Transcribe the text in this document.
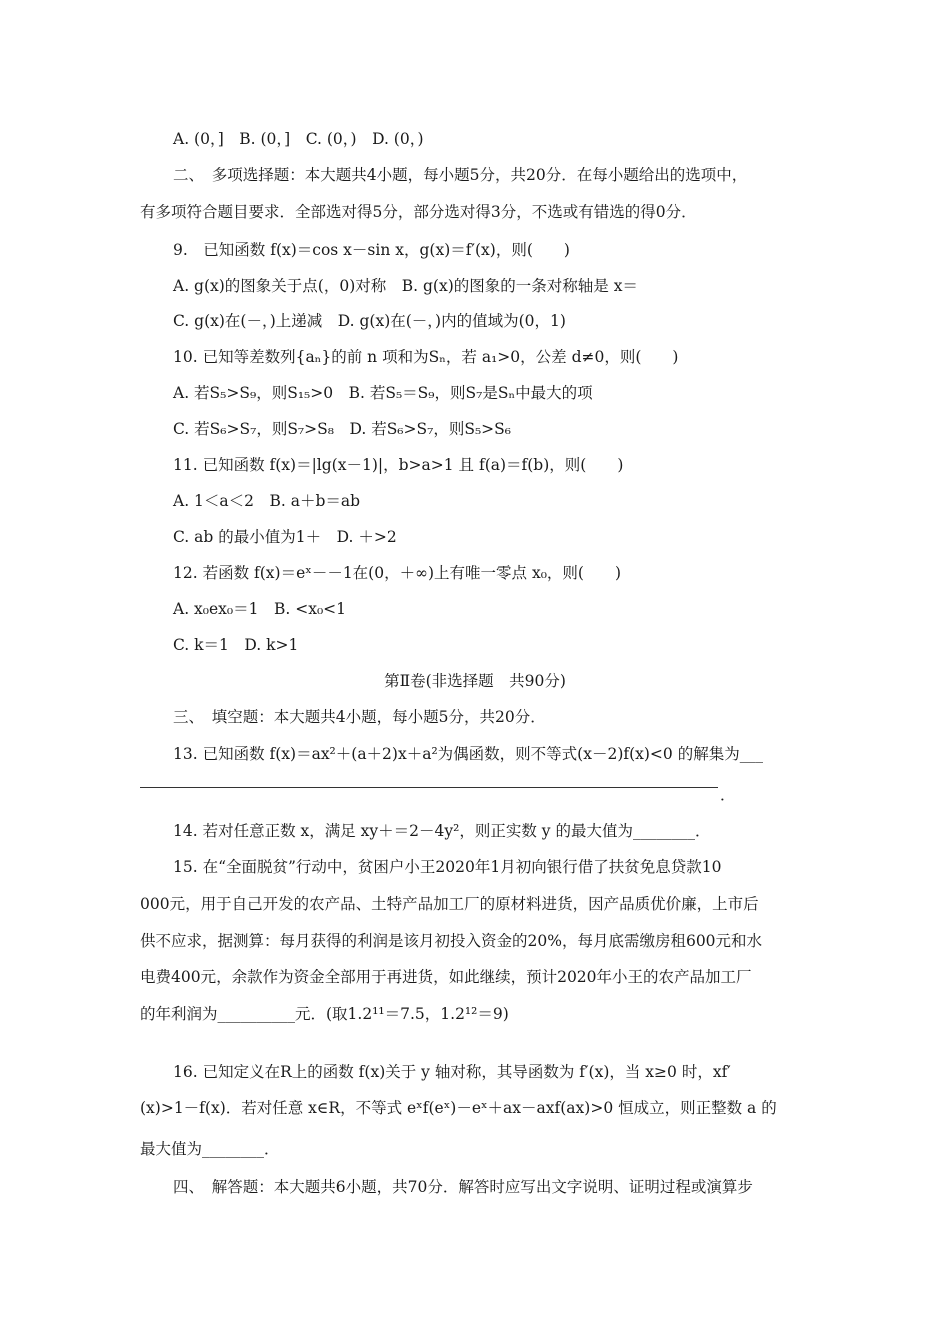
A. (0，]　B. (0，]　C. (0，)　D. (0，)
二、　多项选择题：本大题共4小题，每小题5分，共20分．在每小题给出的选项中，
有多项符合题目要求．全部选对得5分，部分选对得3分，不选或有错选的得0分．
9.　已知函数 f(x)＝cos x－sin x，g(x)＝f′(x)，则(　　)
A. g(x)的图象关于点(，0)对称　B. g(x)的图象的一条对称轴是 x＝
C. g(x)在(－，)上递减　D. g(x)在(－，)内的值域为(0，1)
10. 已知等差数列{aₙ}的前 n 项和为Sₙ，若 a₁>0，公差 d≠0，则(　　)
A. 若S₅>S₉，则S₁₅>0　B. 若S₅＝S₉，则S₇是Sₙ中最大的项
C. 若S₆>S₇，则S₇>S₈　D. 若S₆>S₇，则S₅>S₆
11. 已知函数 f(x)＝|lg(x－1)|，b>a>1 且 f(a)＝f(b)，则(　　)
A. 1＜a＜2　B. a＋b＝ab
C. ab 的最小值为1＋　D. ＋>2
12. 若函数 f(x)＝eˣ－－1在(0，＋∞)上有唯一零点 x₀，则(　　)
A. x₀ex₀＝1　B. <x₀<1
C. k＝1　D. k>1
第Ⅱ卷(非选择题　共90分)
三、　填空题：本大题共4小题，每小题5分，共20分．
13. 已知函数 f(x)＝ax²＋(a＋2)x＋a²为偶函数，则不等式(x－2)f(x)<0 的解集为___
．
14. 若对任意正数 x，满足 xy＋＝2－4y²，则正实数 y 的最大值为________．
15. 在“全面脱贫”行动中，贫困户小王2020年1月初向银行借了扶贫免息贷款10
000元，用于自己开发的农产品、土特产品加工厂的原材料进货，因产品质优价廉，上市后
供不应求，据测算：每月获得的利润是该月初投入资金的20%，每月底需缴房租600元和水
电费400元，余款作为资金全部用于再进货，如此继续，预计2020年小王的农产品加工厂
的年利润为__________元．(取1.2¹¹＝7.5，1.2¹²＝9)
16. 已知定义在R上的函数 f(x)关于 y 轴对称，其导函数为 f′(x)，当 x≥0 时，xf′
(x)>1－f(x)．若对任意 x∈R，不等式 eˣf(eˣ)－eˣ＋ax－axf(ax)>0 恒成立，则正整数 a 的
最大值为________．
四、　解答题：本大题共6小题，共70分．解答时应写出文字说明、证明过程或演算步
